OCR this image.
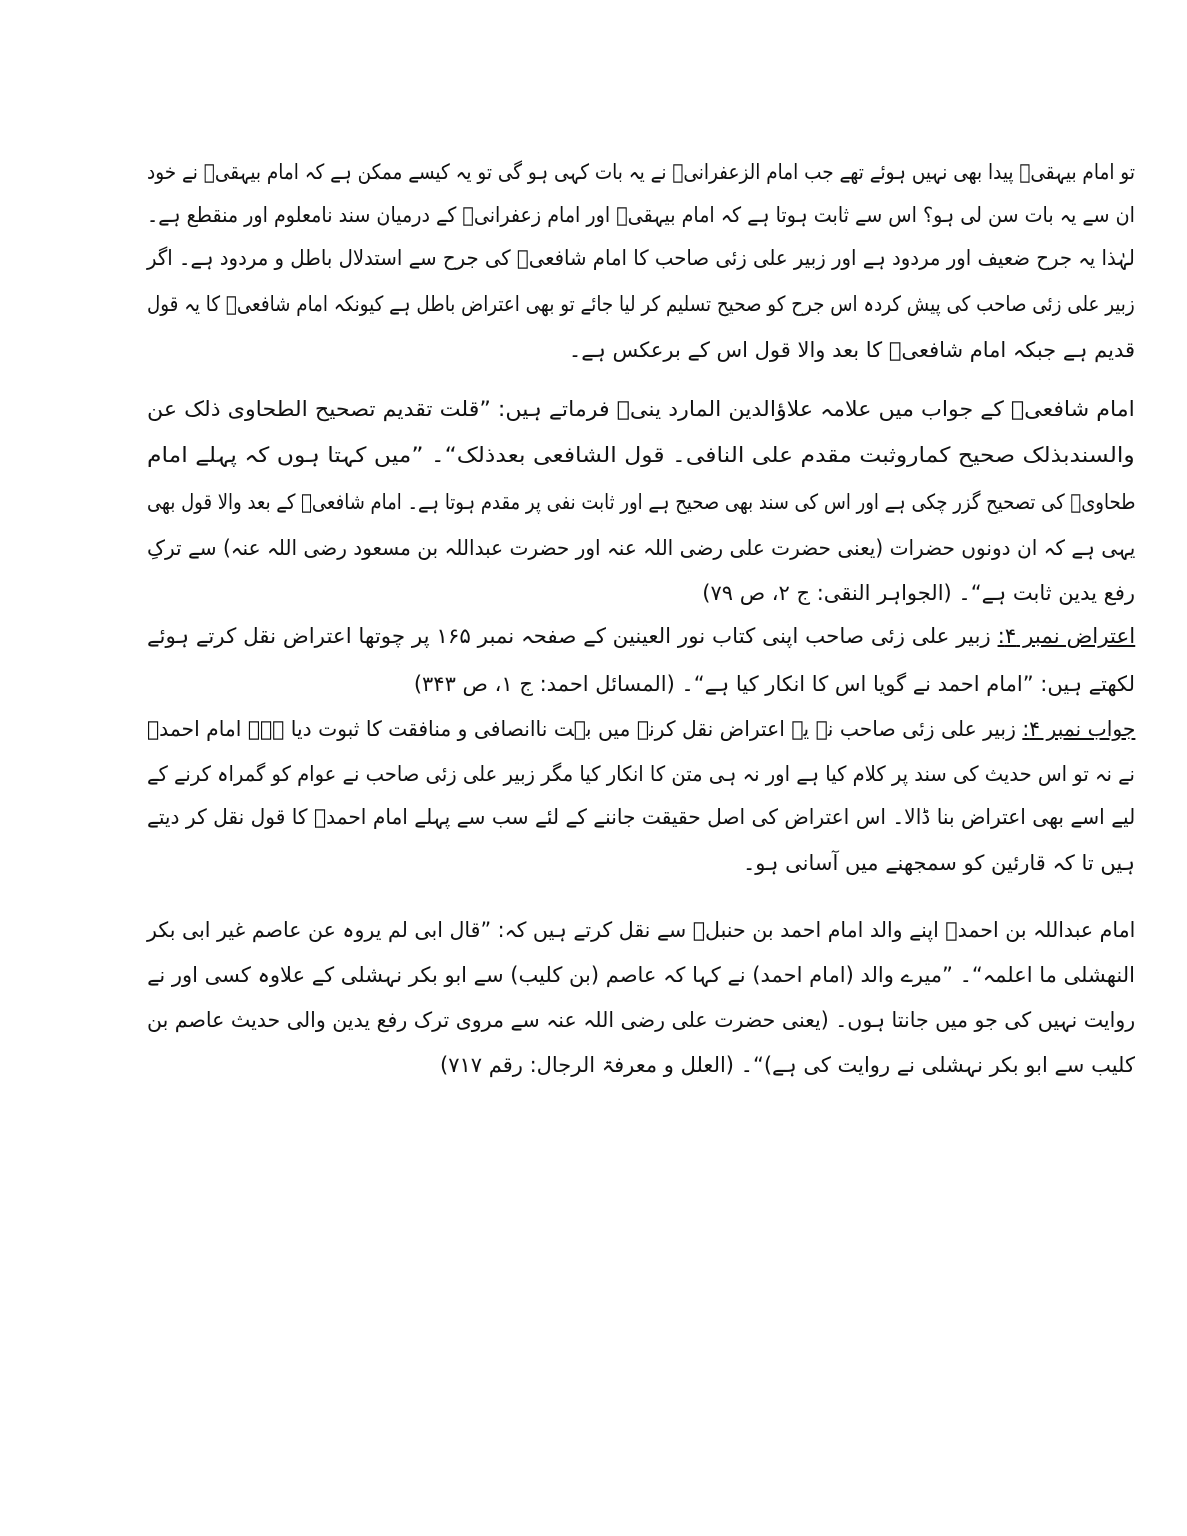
تو امام بیہقیؒ پیدا بھی نہیں ہوئے تھے جب امام الزعفرانیؒ نے یہ بات کہی ہو گی تو یہ کیسے ممکن ہے کہ امام بیہقیؒ نے خود

ان سے یہ بات سن لی ہو؟ اس سے ثابت ہوتا ہے کہ امام بیہقیؒ اور امام زعفرانیؒ کے درمیان سند نامعلوم اور منقطع ہے۔

لہٰذا یہ جرح ضعیف اور مردود ہے اور زبیر علی زئی صاحب کا امام شافعیؒ کی جرح سے استدلال باطل و مردود ہے۔ اگر

زبیر علی زئی صاحب کی پیش کردہ اس جرح کو صحیح تسلیم کر لیا جائے تو بھی اعتراض باطل ہے کیونکہ امام شافعیؒ کا یہ قول

قدیم ہے جبکہ امام شافعیؒ کا بعد والا قول اس کے برعکس ہے۔

امام شافعیؒ کے جواب میں علامہ علاؤالدین المارد ینیؒ فرماتے ہیں: ”قلت تقدیم تصحیح الطحاوی ذلک عن

والسندبذلک صحیح کماروثبت مقدم علی النافی۔ قول الشافعی بعدذلک“۔ ”میں کہتا ہوں کہ پہلے امام

طحاویؒ کی تصحیح گزر چکی ہے اور اس کی سند بھی صحیح ہے اور ثابت نفی پر مقدم ہوتا ہے۔ امام شافعیؒ کے بعد والا قول بھی

یہی ہے کہ ان دونوں حضرات (یعنی حضرت علی رضی اللہ عنہ اور حضرت عبداللہ بن مسعود رضی اللہ عنہ) سے ترکِ

رفع یدین ثابت ہے“۔ (الجواہر النقی: ج ۲، ص ۷۹)

اعتراض نمبر ۴: زبیر علی زئی صاحب اپنی کتاب نور العینین کے صفحہ نمبر ۱۶۵ پر چوتھا اعتراض نقل کرتے ہوئے

لکھتے ہیں: ”امام احمد نے گویا اس کا انکار کیا ہے“۔ (المسائل احمد: ج ۱، ص ۳۴۳)

جواب نمبر ۴: زبیر علی زئی صاحب نے یہ اعتراض نقل کرنے میں بہت ناانصافی و منافقت کا ثبوت دیا ہے۔ امام احمدؒ

نے نہ تو اس حدیث کی سند پر کلام کیا ہے اور نہ ہی متن کا انکار کیا مگر زبیر علی زئی صاحب نے عوام کو گمراہ کرنے کے

لیے اسے بھی اعتراض بنا ڈالا۔ اس اعتراض کی اصل حقیقت جاننے کے لئے سب سے پہلے امام احمدؒ کا قول نقل کر دیتے

ہیں تا کہ قارئین کو سمجھنے میں آسانی ہو۔

امام عبداللہ بن احمدؒ اپنے والد امام احمد بن حنبلؒ سے نقل کرتے ہیں کہ: ”قال ابی لم یروہ عن عاصم غیر ابی بکر

النھشلی ما اعلمہ“۔ ”میرے والد (امام احمد) نے کہا کہ عاصم (بن کلیب) سے ابو بکر نہشلی کے علاوہ کسی اور نے

روایت نہیں کی جو میں جانتا ہوں۔ (یعنی حضرت علی رضی اللہ عنہ سے مروی ترک رفع یدین والی حدیث عاصم بن

کلیب سے ابو بکر نہشلی نے روایت کی ہے)“۔ (العلل و معرفۃ الرجال: رقم ۷۱۷)
